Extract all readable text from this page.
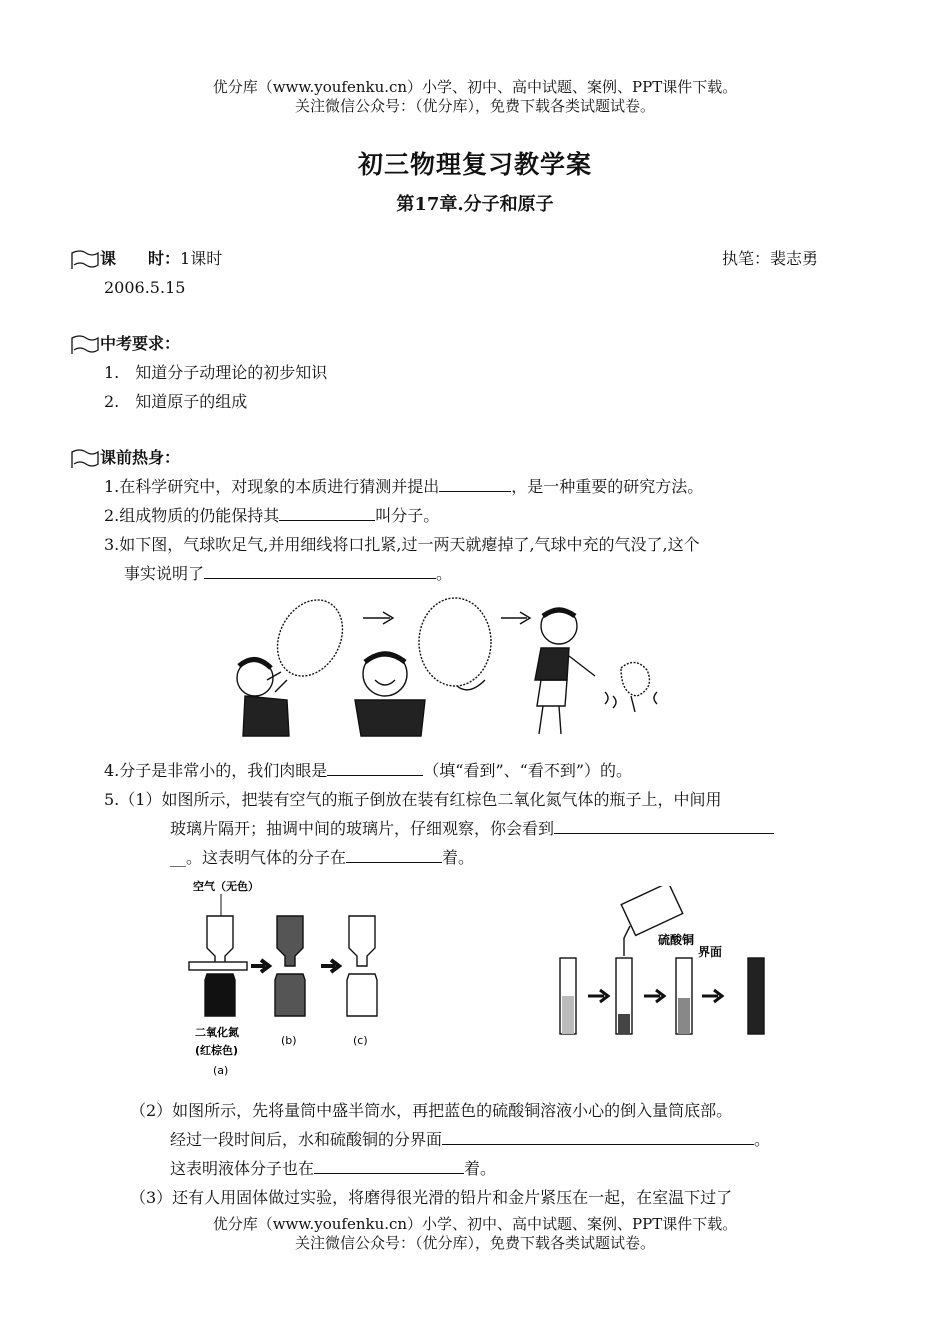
优分库（www.youfenku.cn）小学、初中、高中试题、案例、PPT课件下载。
关注微信公众号：（优分库），免费下载各类试题试卷。
初三物理复习教学案
第17章.分子和原子
课　　时：1课时	执笔：裴志勇
2006.5.15
中考要求：
1.　知道分子动理论的初步知识
2.　知道原子的组成
课前热身：
1.在科学研究中，对现象的本质进行猜测并提出	，是一种重要的研究方法。
2.组成物质的仍能保持其	叫分子。
3.如下图，气球吹足气,并用细线将口扎紧,过一两天就瘪掉了,气球中充的气没了,这个
事实说明了	。
4.分子是非常小的，我们肉眼是	（填“看到”、“看不到”）的。
5.（1）如图所示，把装有空气的瓶子倒放在装有红棕色二氧化氮气体的瓶子上，中间用
玻璃片隔开；抽调中间的玻璃片，仔细观察，你会看到
__。这表明气体的分子在	着。
空气（无色）
二氧化氮
(红棕色)
(a)
(b)	(c)
硫酸铜
界面
（2）如图所示，先将量筒中盛半筒水，再把蓝色的硫酸铜溶液小心的倒入量筒底部。
经过一段时间后，水和硫酸铜的分界面	。
这表明液体分子也在	着。
（3）还有人用固体做过实验，将磨得很光滑的铅片和金片紧压在一起，在室温下过了
优分库（www.youfenku.cn）小学、初中、高中试题、案例、PPT课件下载。
关注微信公众号：（优分库），免费下载各类试题试卷。
